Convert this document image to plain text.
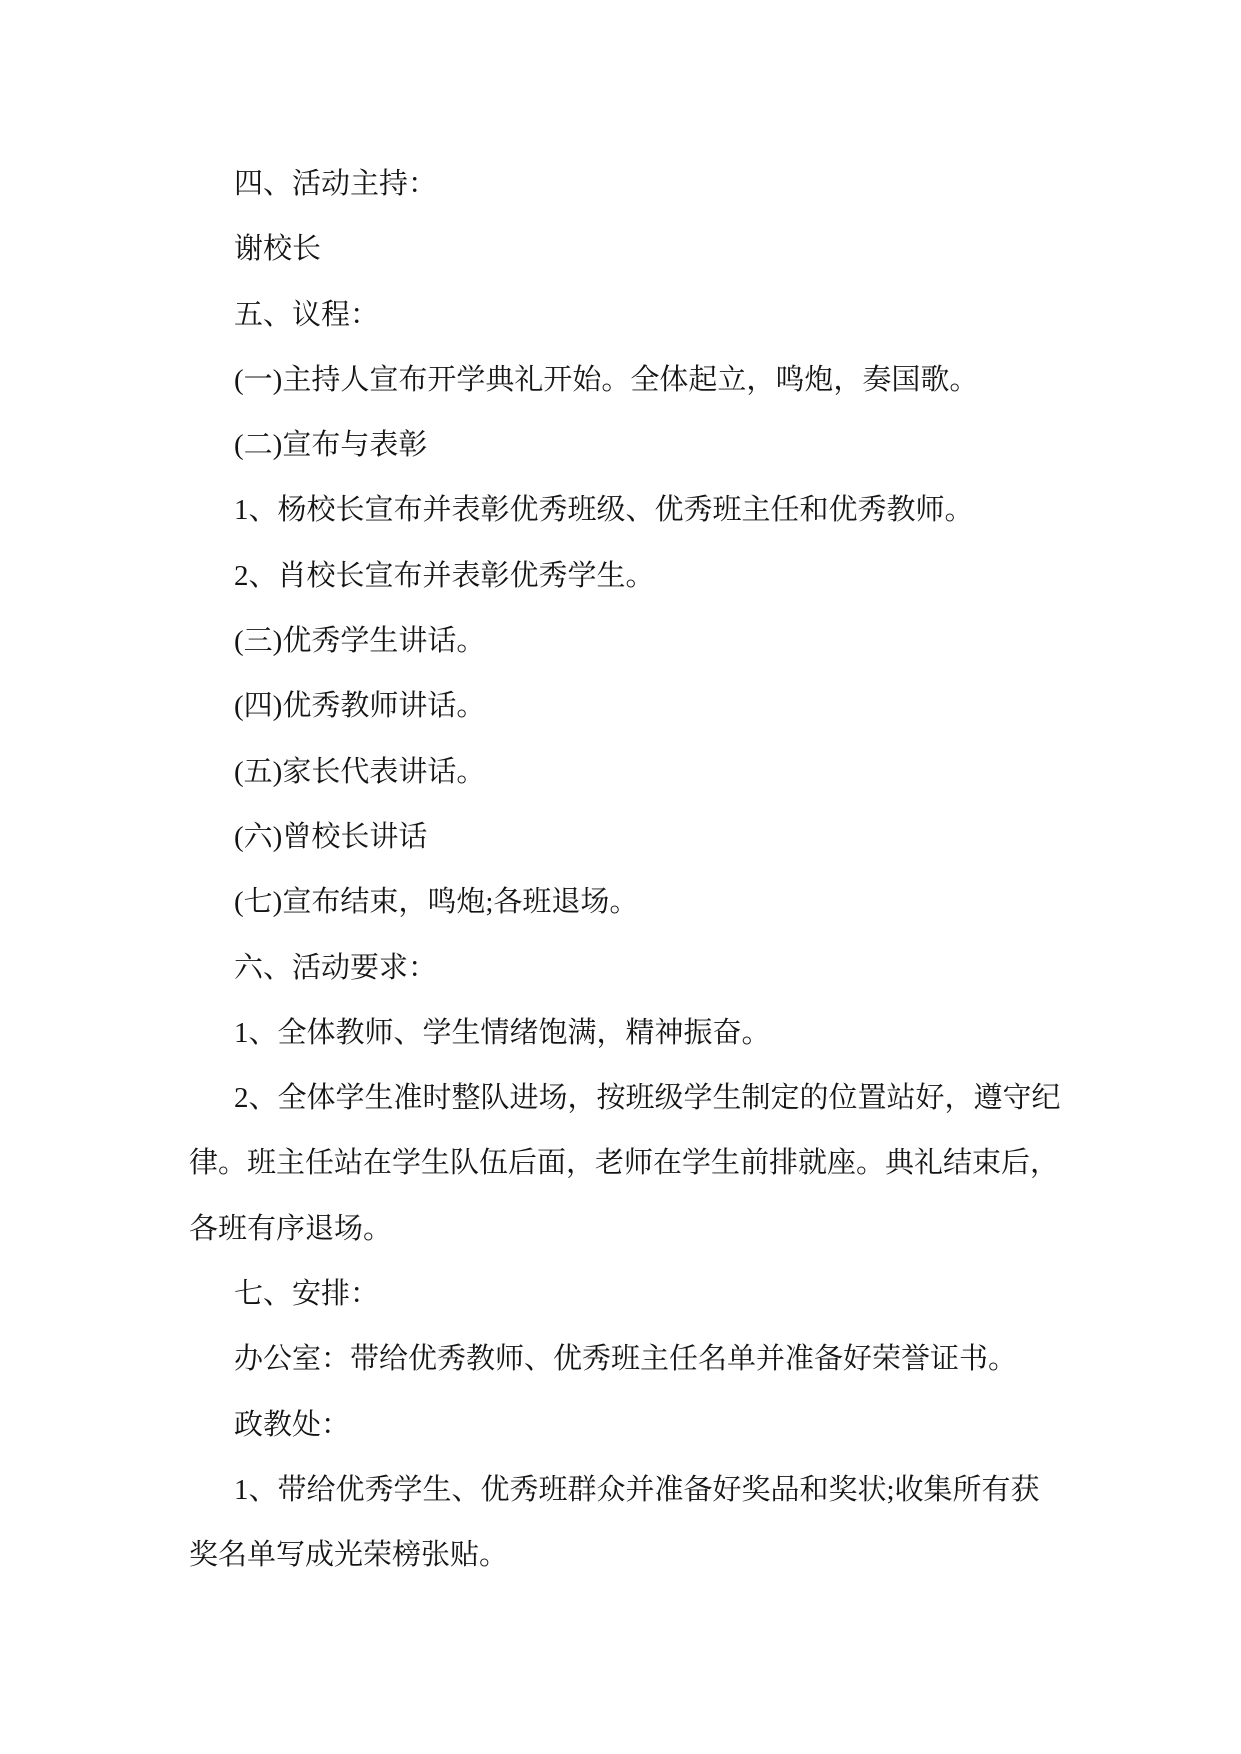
四、活动主持：
谢校长
五、议程：
(一)主持人宣布开学典礼开始。全体起立，鸣炮，奏国歌。
(二)宣布与表彰
1、杨校长宣布并表彰优秀班级、优秀班主任和优秀教师。
2、肖校长宣布并表彰优秀学生。
(三)优秀学生讲话。
(四)优秀教师讲话。
(五)家长代表讲话。
(六)曾校长讲话
(七)宣布结束，鸣炮;各班退场。
六、活动要求：
1、全体教师、学生情绪饱满，精神振奋。
2、全体学生准时整队进场，按班级学生制定的位置站好，遵守纪
律。班主任站在学生队伍后面，老师在学生前排就座。典礼结束后，
各班有序退场。
七、安排：
办公室：带给优秀教师、优秀班主任名单并准备好荣誉证书。
政教处：
1、带给优秀学生、优秀班群众并准备好奖品和奖状;收集所有获
奖名单写成光荣榜张贴。
